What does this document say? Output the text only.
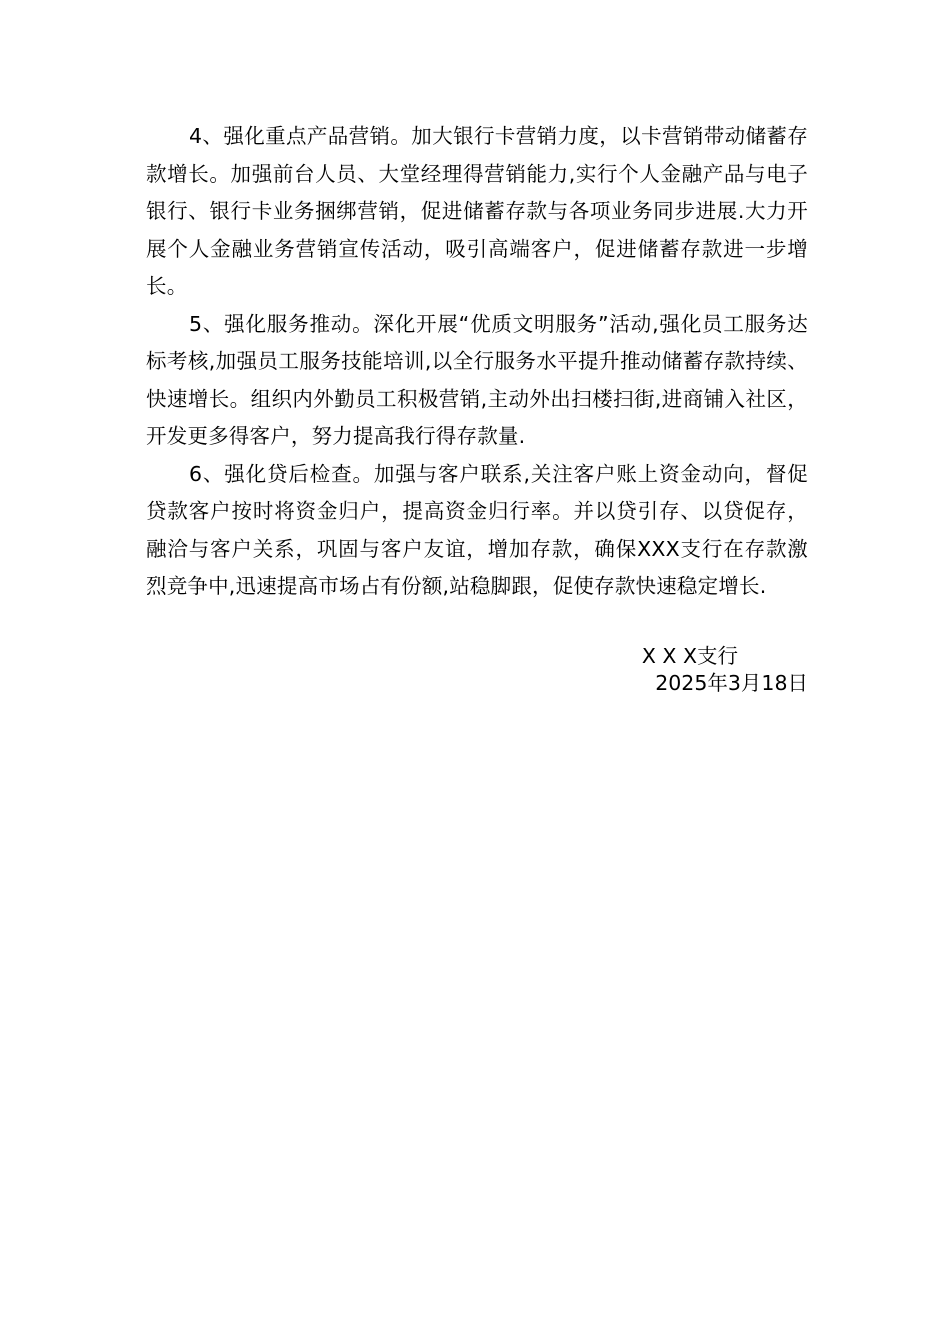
4、强化重点产品营销。加大银行卡营销力度，以卡营销带动储蓄存款增长。加强前台人员、大堂经理得营销能力,实行个人金融产品与电子银行、银行卡业务捆绑营销，促进储蓄存款与各项业务同步进展.大力开展个人金融业务营销宣传活动，吸引高端客户，促进储蓄存款进一步增长。

5、强化服务推动。深化开展“优质文明服务”活动,强化员工服务达标考核,加强员工服务技能培训,以全行服务水平提升推动储蓄存款持续、快速增长。组织内外勤员工积极营销,主动外出扫楼扫街,进商铺入社区，开发更多得客户，努力提高我行得存款量.

6、强化贷后检查。加强与客户联系,关注客户账上资金动向，督促贷款客户按时将资金归户，提高资金归行率。并以贷引存、以贷促存，融洽与客户关系，巩固与客户友谊，增加存款，确保XXX支行在存款激烈竞争中,迅速提高市场占有份额,站稳脚跟，促使存款快速稳定增长.

X X X支行
2025年3月18日
